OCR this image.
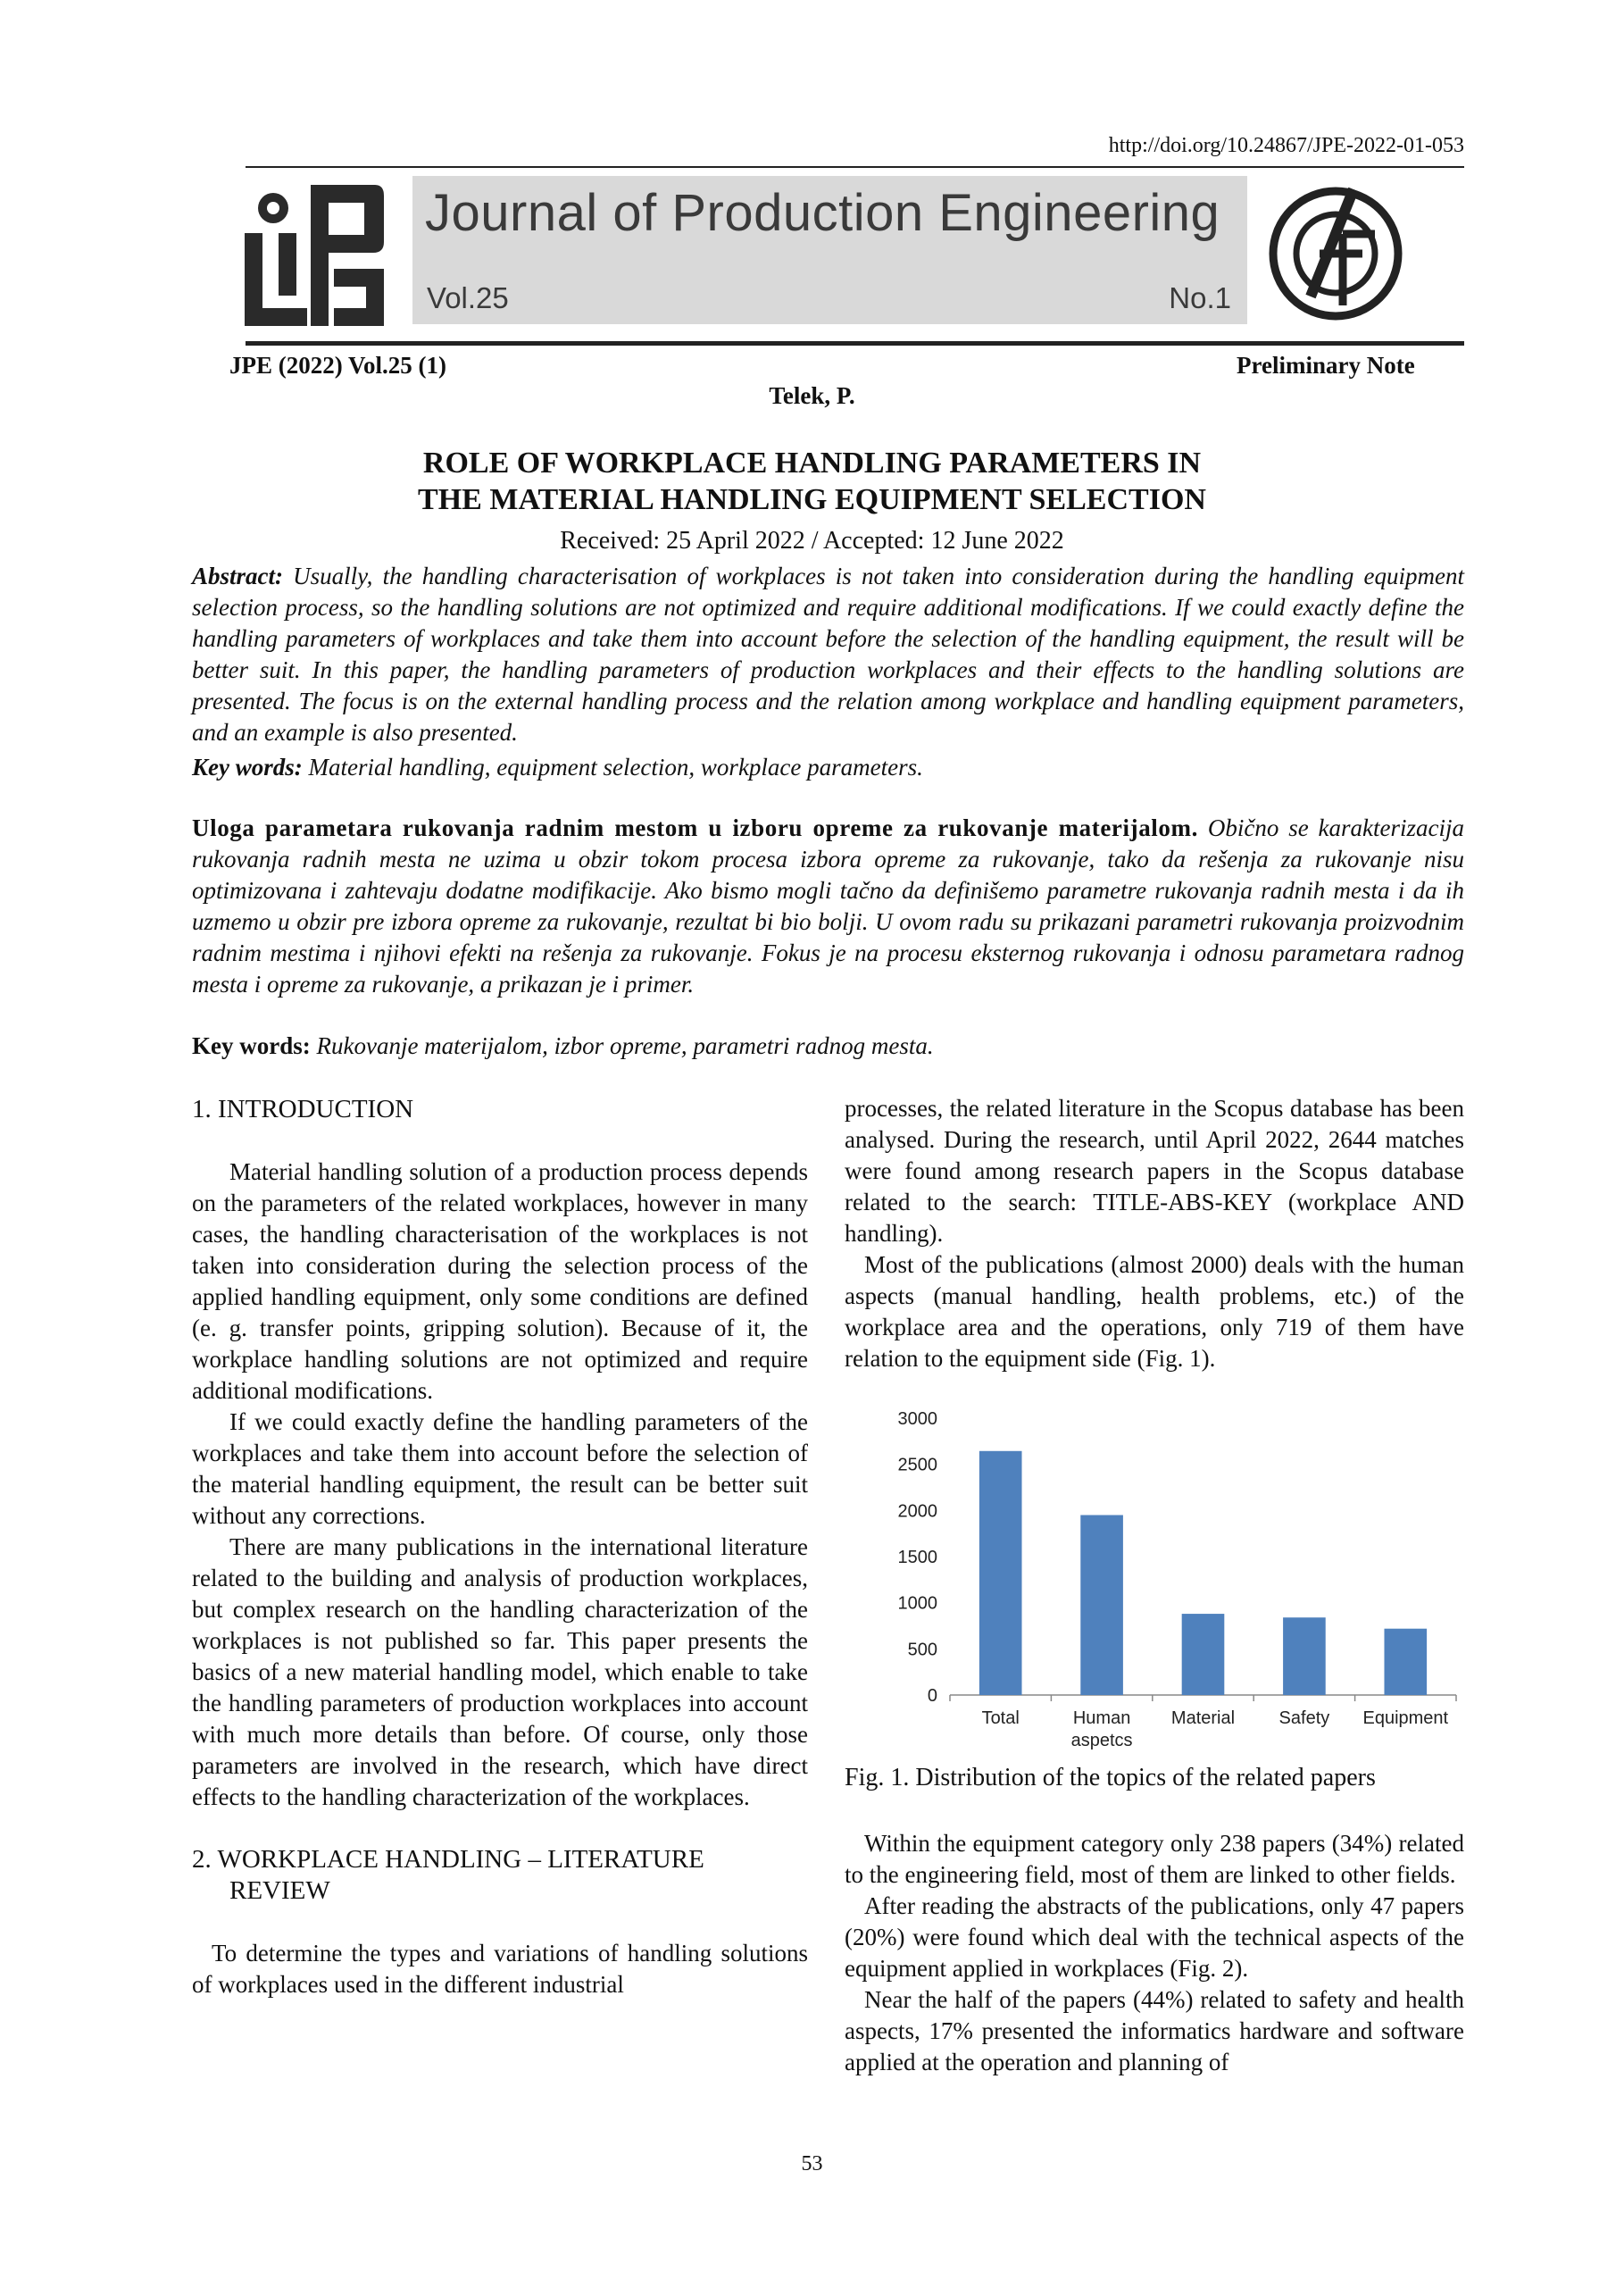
http://doi.org/10.24867/JPE-2022-01-053
Journal of Production Engineering
Vol.25	No.1
JPE (2022) Vol.25 (1)	Preliminary Note
Telek, P.
ROLE OF WORKPLACE HANDLING PARAMETERS IN
THE MATERIAL HANDLING EQUIPMENT SELECTION
Received: 25 April 2022 / Accepted: 12 June 2022
Abstract: Usually, the handling characterisation of workplaces is not taken into consideration during the handling equipment selection process, so the handling solutions are not optimized and require additional modifications. If we could exactly define the handling parameters of workplaces and take them into account before the selection of the handling equipment, the result will be better suit. In this paper, the handling parameters of production workplaces and their effects to the handling solutions are presented. The focus is on the external handling process and the relation among workplace and handling equipment parameters, and an example is also presented.
Key words: Material handling, equipment selection, workplace parameters.
Uloga parametara rukovanja radnim mestom u izboru opreme za rukovanje materijalom. Obično se karakterizacija rukovanja radnih mesta ne uzima u obzir tokom procesa izbora opreme za rukovanje, tako da rešenja za rukovanje nisu optimizovana i zahtevaju dodatne modifikacije. Ako bismo mogli tačno da definišemo parametre rukovanja radnih mesta i da ih uzmemo u obzir pre izbora opreme za rukovanje, rezultat bi bio bolji. U ovom radu su prikazani parametri rukovanja proizvodnim radnim mestima i njihovi efekti na rešenja za rukovanje. Fokus je na procesu eksternog rukovanja i odnosu parametara radnog mesta i opreme za rukovanje, a prikazan je i primer.
Key words: Rukovanje materijalom, izbor opreme, parametri radnog mesta.
1. INTRODUCTION

Material handling solution of a production process depends on the parameters of the related workplaces, however in many cases, the handling characterisation of the workplaces is not taken into consideration during the selection process of the applied handling equipment, only some conditions are defined (e. g. transfer points, gripping solution). Because of it, the workplace handling solutions are not optimized and require additional modifications.

If we could exactly define the handling parameters of the workplaces and take them into account before the selection of the material handling equipment, the result can be better suit without any corrections.

There are many publications in the international literature related to the building and analysis of production workplaces, but complex research on the handling characterization of the workplaces is not published so far. This paper presents the basics of a new material handling model, which enable to take the handling parameters of production workplaces into account with much more details than before. Of course, only those parameters are involved in the research, which have direct effects to the handling characterization of the workplaces.

2. WORKPLACE HANDLING – LITERATURE
REVIEW

To determine the types and variations of handling solutions of workplaces used in the different industrial

processes, the related literature in the Scopus database has been analysed. During the research, until April 2022, 2644 matches were found among research papers in the Scopus database related to the search: TITLE-ABS-KEY (workplace AND handling).

Most of the publications (almost 2000) deals with the human aspects (manual handling, health problems, etc.) of the workplace area and the operations, only 719 of them have relation to the equipment side (Fig. 1).

0
500
1000
1500
2000
2500
3000
Total	Human
aspetcs
Material Safety Equipment
Fig. 1. Distribution of the topics of the related papers

Within the equipment category only 238 papers (34%) related to the engineering field, most of them are linked to other fields.

After reading the abstracts of the publications, only 47 papers (20%) were found which deal with the technical aspects of the equipment applied in workplaces (Fig. 2).

Near the half of the papers (44%) related to safety and health aspects, 17% presented the informatics hardware and software applied at the operation and planning of

53
